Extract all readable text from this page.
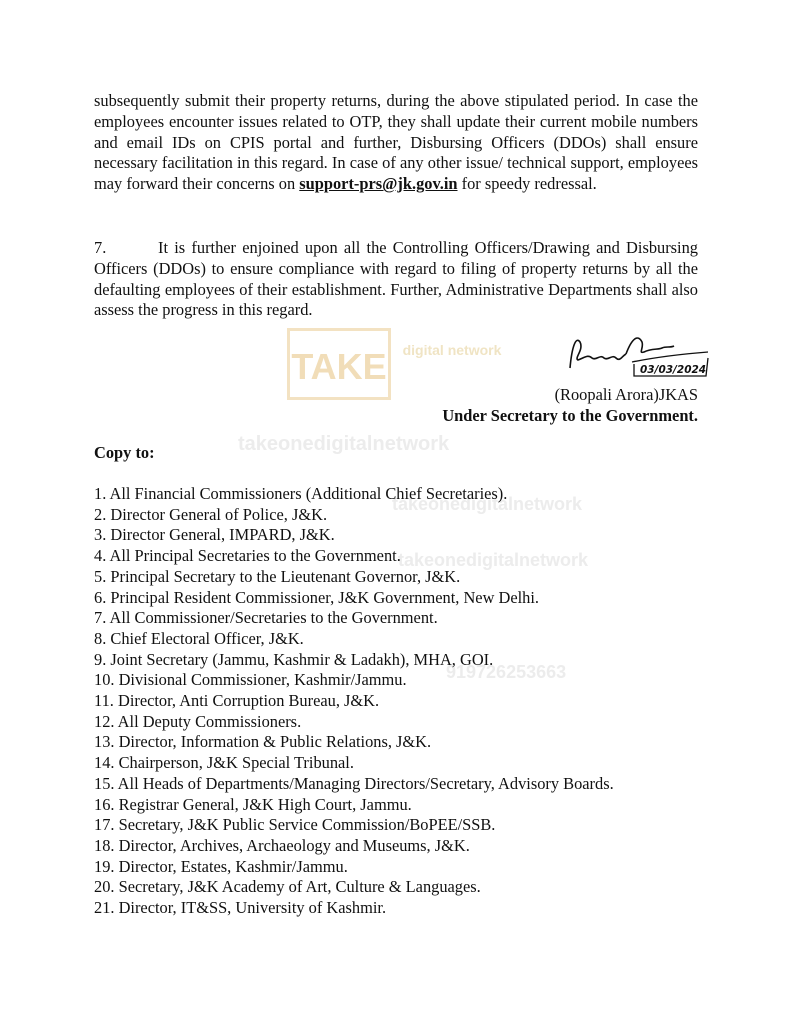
TAKE	digital network
takeonedigitalnetwork
takeonedigitalnetwork
takeonedigitalnetwork
919726253663
subsequently submit their property returns, during the above stipulated period. In case the employees encounter issues related to OTP, they shall update their current mobile numbers and email IDs on CPIS portal and further, Disbursing Officers (DDOs) shall ensure necessary facilitation in this regard. In case of any other issue/ technical support, employees may forward their concerns on support-prs@jk.gov.in for speedy redressal.
7.	It is further enjoined upon all the Controlling Officers/Drawing and Disbursing Officers (DDOs) to ensure compliance with regard to filing of property returns by all the defaulting employees of their establishment. Further, Administrative Departments shall also assess the progress in this regard.
03/03/2024
(Roopali Arora)JKAS
Under Secretary to the Government.
Copy to:
1. All Financial Commissioners (Additional Chief Secretaries).
2. Director General of Police, J&K.
3. Director General, IMPARD, J&K.
4. All Principal Secretaries to the Government.
5. Principal Secretary to the Lieutenant Governor, J&K.
6. Principal Resident Commissioner, J&K Government, New Delhi.
7. All Commissioner/Secretaries to the Government.
8. Chief Electoral Officer, J&K.
9. Joint Secretary (Jammu, Kashmir & Ladakh), MHA, GOI.
10. Divisional Commissioner, Kashmir/Jammu.
11. Director, Anti Corruption Bureau, J&K.
12. All Deputy Commissioners.
13. Director, Information & Public Relations, J&K.
14. Chairperson, J&K Special Tribunal.
15. All Heads of Departments/Managing Directors/Secretary, Advisory Boards.
16. Registrar General, J&K High Court, Jammu.
17. Secretary, J&K Public Service Commission/BoPEE/SSB.
18. Director, Archives, Archaeology and Museums, J&K.
19. Director, Estates, Kashmir/Jammu.
20. Secretary, J&K Academy of Art, Culture & Languages.
21. Director, IT&SS, University of Kashmir.
